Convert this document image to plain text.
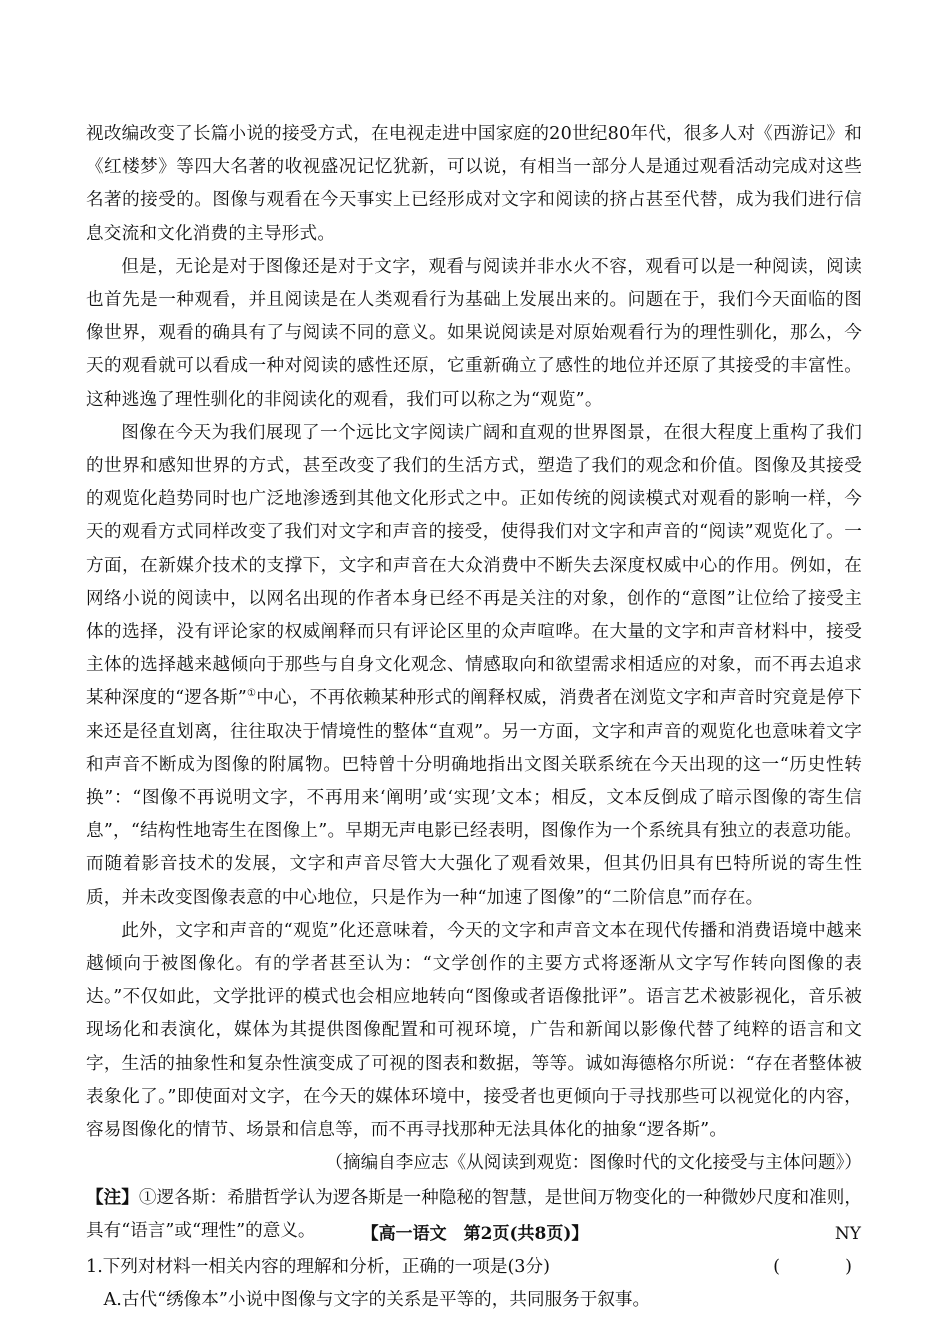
视改编改变了长篇小说的接受方式，在电视走进中国家庭的20世纪80年代，很多人对《西游记》和《红楼梦》等四大名著的收视盛况记忆犹新，可以说，有相当一部分人是通过观看活动完成对这些名著的接受的。图像与观看在今天事实上已经形成对文字和阅读的挤占甚至代替，成为我们进行信息交流和文化消费的主导形式。

但是，无论是对于图像还是对于文字，观看与阅读并非水火不容，观看可以是一种阅读，阅读也首先是一种观看，并且阅读是在人类观看行为基础上发展出来的。问题在于，我们今天面临的图像世界，观看的确具有了与阅读不同的意义。如果说阅读是对原始观看行为的理性驯化，那么，今天的观看就可以看成一种对阅读的感性还原，它重新确立了感性的地位并还原了其接受的丰富性。这种逃逸了理性驯化的非阅读化的观看，我们可以称之为“观览”。

图像在今天为我们展现了一个远比文字阅读广阔和直观的世界图景，在很大程度上重构了我们的世界和感知世界的方式，甚至改变了我们的生活方式，塑造了我们的观念和价值。图像及其接受的观览化趋势同时也广泛地渗透到其他文化形式之中。正如传统的阅读模式对观看的影响一样，今天的观看方式同样改变了我们对文字和声音的接受，使得我们对文字和声音的“阅读”观览化了。一方面，在新媒介技术的支撑下，文字和声音在大众消费中不断失去深度权威中心的作用。例如，在网络小说的阅读中，以网名出现的作者本身已经不再是关注的对象，创作的“意图”让位给了接受主体的选择，没有评论家的权威阐释而只有评论区里的众声喧哗。在大量的文字和声音材料中，接受主体的选择越来越倾向于那些与自身文化观念、情感取向和欲望需求相适应的对象，而不再去追求某种深度的“逻各斯”①中心，不再依赖某种形式的阐释权威，消费者在浏览文字和声音时究竟是停下来还是径直划离，往往取决于情境性的整体“直观”。另一方面，文字和声音的观览化也意味着文字和声音不断成为图像的附属物。巴特曾十分明确地指出文图关联系统在今天出现的这一“历史性转换”：“图像不再说明文字，不再用来‘阐明’或‘实现’文本；相反，文本反倒成了暗示图像的寄生信息”，“结构性地寄生在图像上”。早期无声电影已经表明，图像作为一个系统具有独立的表意功能。而随着影音技术的发展，文字和声音尽管大大强化了观看效果，但其仍旧具有巴特所说的寄生性质，并未改变图像表意的中心地位，只是作为一种“加速了图像”的“二阶信息”而存在。

此外，文字和声音的“观览”化还意味着，今天的文字和声音文本在现代传播和消费语境中越来越倾向于被图像化。有的学者甚至认为：“文学创作的主要方式将逐渐从文字写作转向图像的表达。”不仅如此，文学批评的模式也会相应地转向“图像或者语像批评”。语言艺术被影视化，音乐被现场化和表演化，媒体为其提供图像配置和可视环境，广告和新闻以影像代替了纯粹的语言和文字，生活的抽象性和复杂性演变成了可视的图表和数据，等等。诚如海德格尔所说：“存在者整体被表象化了。”即使面对文字，在今天的媒体环境中，接受者也更倾向于寻找那些可以视觉化的内容，容易图像化的情节、场景和信息等，而不再寻找那种无法具体化的抽象“逻各斯”。

（摘编自李应志《从阅读到观览：图像时代的文化接受与主体问题》）

【注】①逻各斯：希腊哲学认为逻各斯是一种隐秘的智慧，是世间万物变化的一种微妙尺度和准则，具有“语言”或“理性”的意义。

1.下列对材料一相关内容的理解和分析，正确的一项是(3分)	(　　)

A.古代“绣像本”小说中图像与文字的关系是平等的，共同服务于叙事。

【高一语文　第2页(共8页)】	NY
